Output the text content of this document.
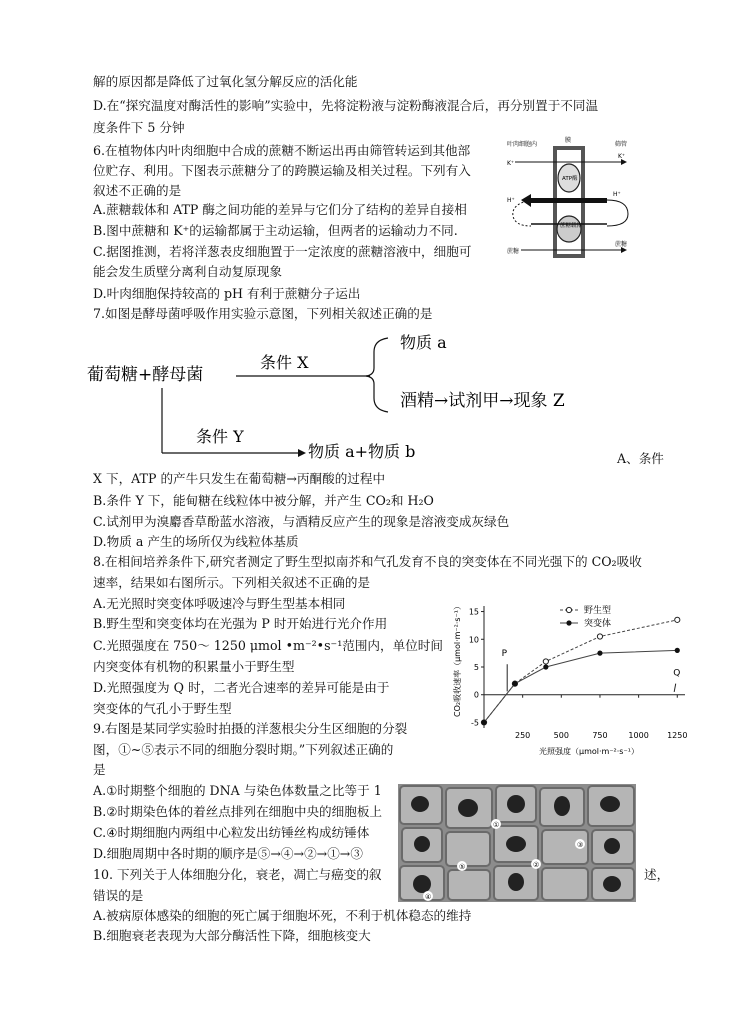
解的原因都是降低了过氧化氢分解反应的活化能
D.在“探究温度对酶活性的影响”实验中，先将淀粉液与淀粉酶液混合后，再分别置于不同温
度条件下 5 分钟
6.在植物体内叶肉细胞中合成的蔗糖不断运出再由筛管转运到其他部
位贮存、利用。下图表示蔗糖分了的跨膜运输及相关过程。下列有入
叙述不正确的是
A.蔗糖载体和 ATP 酶之间功能的差异与它们分了结构的差异自接相
B.图中蔗糖和 K⁺的运输都属于主动运输，但两者的运输动力不同.
C.据图推测，若将洋葱表皮细胞置于一定浓度的蔗糖溶液中，细胞可
能会发生质壁分离利自动复原现象
D.叶肉细胞保持较高的 pH 有利于蔗糖分子运出
7.如图是酵母菌呼吸作用实验示意图，下列相关叙述正确的是
叶肉细胞内
膜
筛管
K⁺
K⁺
ATP酶
H⁺
H⁺
蔗糖载体
蔗糖
蔗糖
葡萄糖+酵母菌
条件 X
物质 a
酒精→试剂甲→现象 Z
条件 Y
物质 a+物质 b	A、条件
X 下，ATP 的产牛只发生在葡萄糖→丙酮酸的过程中
B.条件 Y 下，能甸糖在线粒体中被分解，并产生 CO₂和 H₂O
C.试剂甲为溴麝香草酚蓝水溶液，与酒精反应产生的现象是溶液变成灰绿色
D.物质 a 产生的场所仅为线粒体基质
8.在相间培养条件下,研究者测定了野生型拟南芥和气孔发育不良的突变体在不同光强下的 CO₂吸收
速率，结果如右图所示。下列相关叙述不正确的是
A.无光照时突变体呼吸速冷与野生型基本相同
B.野生型和突变体均在光强为 P 时开始进行光介作用
C.光照强度在 750～ 1250 μmol •m⁻²•s⁻¹范围内，单位时间
内突变体有机物的积累量小于野生型
D.光照强度为 Q 时，二者光合速率的差异可能是由于
突变体的气孔小于野生型
-5
0
5
10
15
250	500	750	1000 1250
光照强度（μmol·m⁻²·s⁻¹）
CO₂吸收速率（μmol·m⁻²·s⁻¹）	野生型
突变体
P
Q
9.右图是某同学实验时拍摄的洋葱根尖分生区细胞的分裂
图，①~⑤表示不同的细胞分裂时期。”下列叙述正确的
是
A.①时期整个细胞的 DNA 与染色体数量之比等于 1
B.②时期染色体的着丝点排列在细胞中央的细胞板上
C.④时期细胞内两组中心粒发出纺锤丝构成纺锤体
D.细胞周期中各时期的顺序是⑤→④→②→①→③
①
②
③
④
⑤
10. 下列关于人体细胞分化，衰老，凋亡与癌变的叙	述，
错误的是
A.被病原体感染的细胞的死亡属于细胞坏死，不利于机体稳态的维持
B.细胞衰老表现为大部分酶活性下降，细胞核变大
